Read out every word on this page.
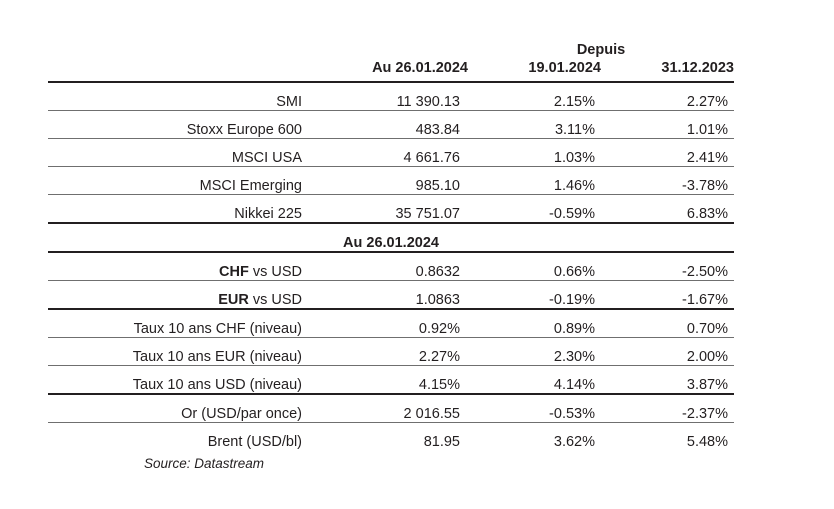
		Depuis	
	Au 26.01.2024	19.01.2024	31.12.2023

SMI	11 390.13	2.15%	2.27%

Stoxx Europe 600	483.84	3.11%	1.01%

MSCI USA	4 661.76	1.03%	2.41%

MSCI Emerging	985.10	1.46%	-3.78%

Nikkei 225	35 751.07	-0.59%	6.83%

Au 26.01.2024			

CHF vs USD	0.8632	0.66%	-2.50%

EUR vs USD	1.0863	-0.19%	-1.67%

Taux 10 ans CHF (niveau)	0.92%	0.89%	0.70%

Taux 10 ans EUR (niveau)	2.27%	2.30%	2.00%

Taux 10 ans USD (niveau)	4.15%	4.14%	3.87%

Or (USD/par once)	2 016.55	-0.53%	-2.37%

Brent (USD/bl)	81.95	3.62%	5.48%
Source: Datastream
